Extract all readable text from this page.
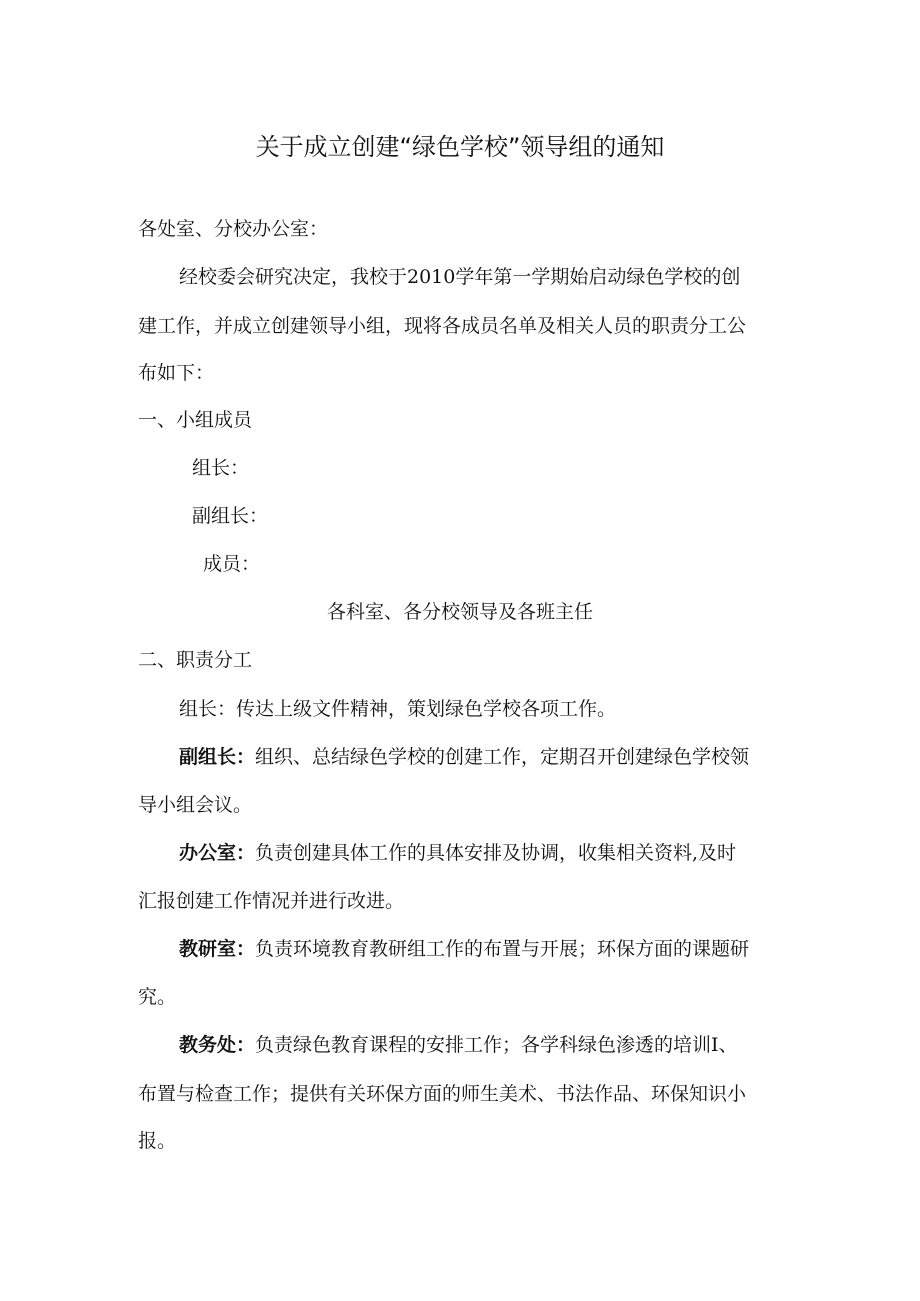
关于成立创建“绿色学校”领导组的通知
各处室、分校办公室：
经校委会研究决定，我校于2010学年第一学期始启动绿色学校的创
建工作，并成立创建领导小组，现将各成员名单及相关人员的职责分工公
布如下：
一、小组成员
组长：
副组长：
成员：
各科室、各分校领导及各班主任
二、职责分工
组长：传达上级文件精神，策划绿色学校各项工作。
副组长：组织、总结绿色学校的创建工作，定期召开创建绿色学校领
导小组会议。
办公室：负责创建具体工作的具体安排及协调，收集相关资料,及时
汇报创建工作情况并进行改进。
教研室：负责环境教育教研组工作的布置与开展；环保方面的课题研
究。
教务处：负责绿色教育课程的安排工作；各学科绿色渗透的培训Ⅰ、
布置与检查工作；提供有关环保方面的师生美术、书法作品、环保知识小
报。
